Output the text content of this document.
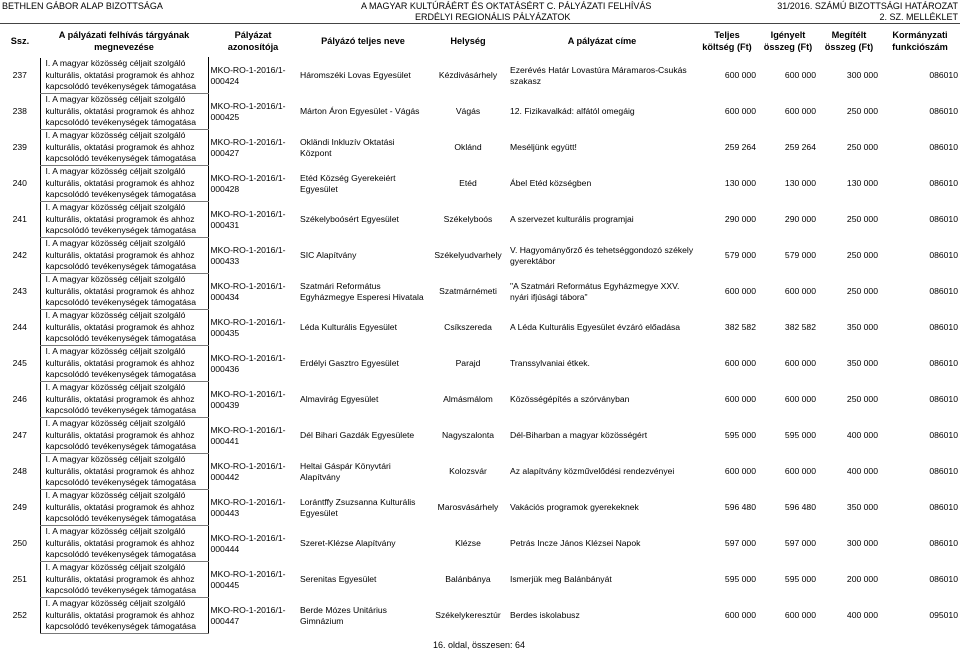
BETHLEN GÁBOR ALAP BIZOTTSÁGA	A MAGYAR KULTÚRÁÉRT ÉS OKTATÁSÉRT C. PÁLYÁZATI FELHÍVÁS	31/2016. SZÁMÚ BIZOTTSÁGI HATÁROZAT
ERDÉLYI REGIONÁLIS PÁLYÁZATOK	2. SZ. MELLÉKLET
Ssz.	A pályázati felhívás tárgyának megnevezése	Pályázat azonosítója	Pályázó teljes neve	Helység	A pályázat címe	Teljes költség (Ft)	Igényelt összeg (Ft)	Megítélt összeg (Ft)	Kormányzati funkciószám
237	I. A magyar közösség céljait szolgáló kulturális, oktatási programok és ahhoz kapcsolódó tevékenységek támogatása	MKO-RO-1-2016/1-000424	Háromszéki Lovas Egyesület	Kézdivásárhely	Ezerévés Határ Lovastúra Máramaros-Csukás szakasz	600 000	600 000	300 000	086010
238	I. A magyar közösség céljait szolgáló kulturális, oktatási programok és ahhoz kapcsolódó tevékenységek támogatása	MKO-RO-1-2016/1-000425	Márton Áron Egyesület - Vágás	Vágás	12. Fizikavalkád: alfától omegáig	600 000	600 000	250 000	086010
239	I. A magyar közösség céljait szolgáló kulturális, oktatási programok és ahhoz kapcsolódó tevékenységek támogatása	MKO-RO-1-2016/1-000427	Okländi Inkluzív Oktatási Központ	Oklánd	Meséljünk együtt!	259 264	259 264	250 000	086010
240	I. A magyar közösség céljait szolgáló kulturális, oktatási programok és ahhoz kapcsolódó tevékenységek támogatása	MKO-RO-1-2016/1-000428	Etéd Község Gyerekeiért Egyesület	Etéd	Ábel Etéd községben	130 000	130 000	130 000	086010
241	I. A magyar közösség céljait szolgáló kulturális, oktatási programok és ahhoz kapcsolódó tevékenységek támogatása	MKO-RO-1-2016/1-000431	Székelyboósért Egyesület	Székelyboós	A szervezet kulturális programjai	290 000	290 000	250 000	086010
242	I. A magyar közösség céljait szolgáló kulturális, oktatási programok és ahhoz kapcsolódó tevékenységek támogatása	MKO-RO-1-2016/1-000433	SIC Alapítvány	Székelyudvarhely	V. Hagyományőrző és tehetséggondozó székely gyerektábor	579 000	579 000	250 000	086010
243	I. A magyar közösség céljait szolgáló kulturális, oktatási programok és ahhoz kapcsolódó tevékenységek támogatása	MKO-RO-1-2016/1-000434	Szatmári Református Egyházmegye Esperesi Hivatala	Szatmárnémeti	"A Szatmári Református Egyházmegye XXV. nyári ifjúsági tábora"	600 000	600 000	250 000	086010
244	I. A magyar közösség céljait szolgáló kulturális, oktatási programok és ahhoz kapcsolódó tevékenységek támogatása	MKO-RO-1-2016/1-000435	Léda Kulturális Egyesület	Csíkszereda	A Léda Kulturális Egyesület évzáró előadása	382 582	382 582	350 000	086010
245	I. A magyar közösség céljait szolgáló kulturális, oktatási programok és ahhoz kapcsolódó tevékenységek támogatása	MKO-RO-1-2016/1-000436	Erdélyi Gasztro Egyesület	Parajd	Transsylvaniai étkek.	600 000	600 000	350 000	086010
246	I. A magyar közösség céljait szolgáló kulturális, oktatási programok és ahhoz kapcsolódó tevékenységek támogatása	MKO-RO-1-2016/1-000439	Almavirág Egyesület	Almásmálom	Közösségépítés a szórványban	600 000	600 000	250 000	086010
247	I. A magyar közösség céljait szolgáló kulturális, oktatási programok és ahhoz kapcsolódó tevékenységek támogatása	MKO-RO-1-2016/1-000441	Dél Bihari Gazdák Egyesülete	Nagyszalonta	Dél-Biharban a magyar közösségért	595 000	595 000	400 000	086010
248	I. A magyar közösség céljait szolgáló kulturális, oktatási programok és ahhoz kapcsolódó tevékenységek támogatása	MKO-RO-1-2016/1-000442	Heltai Gáspár Könyvtári Alapítvány	Kolozsvár	Az alapítvány közművelődési rendezvényei	600 000	600 000	400 000	086010
249	I. A magyar közösség céljait szolgáló kulturális, oktatási programok és ahhoz kapcsolódó tevékenységek támogatása	MKO-RO-1-2016/1-000443	Lorántffy Zsuzsanna Kulturális Egyesület	Marosvásárhely	Vakációs programok gyerekeknek	596 480	596 480	350 000	086010
250	I. A magyar közösség céljait szolgáló kulturális, oktatási programok és ahhoz kapcsolódó tevékenységek támogatása	MKO-RO-1-2016/1-000444	Szeret-Klézse Alapítvány	Klézse	Petrás Incze János Klézsei Napok	597 000	597 000	300 000	086010
251	I. A magyar közösség céljait szolgáló kulturális, oktatási programok és ahhoz kapcsolódó tevékenységek támogatása	MKO-RO-1-2016/1-000445	Serenitas Egyesület	Balánbánya	Ismerjük meg Balánbányát	595 000	595 000	200 000	086010
252	I. A magyar közösség céljait szolgáló kulturális, oktatási programok és ahhoz kapcsolódó tevékenységek támogatása	MKO-RO-1-2016/1-000447	Berde Mózes Unitárius Gimnázium	Székelykeresztúr	Berdes iskolabusz	600 000	600 000	400 000	095010
16. oldal, összesen: 64
